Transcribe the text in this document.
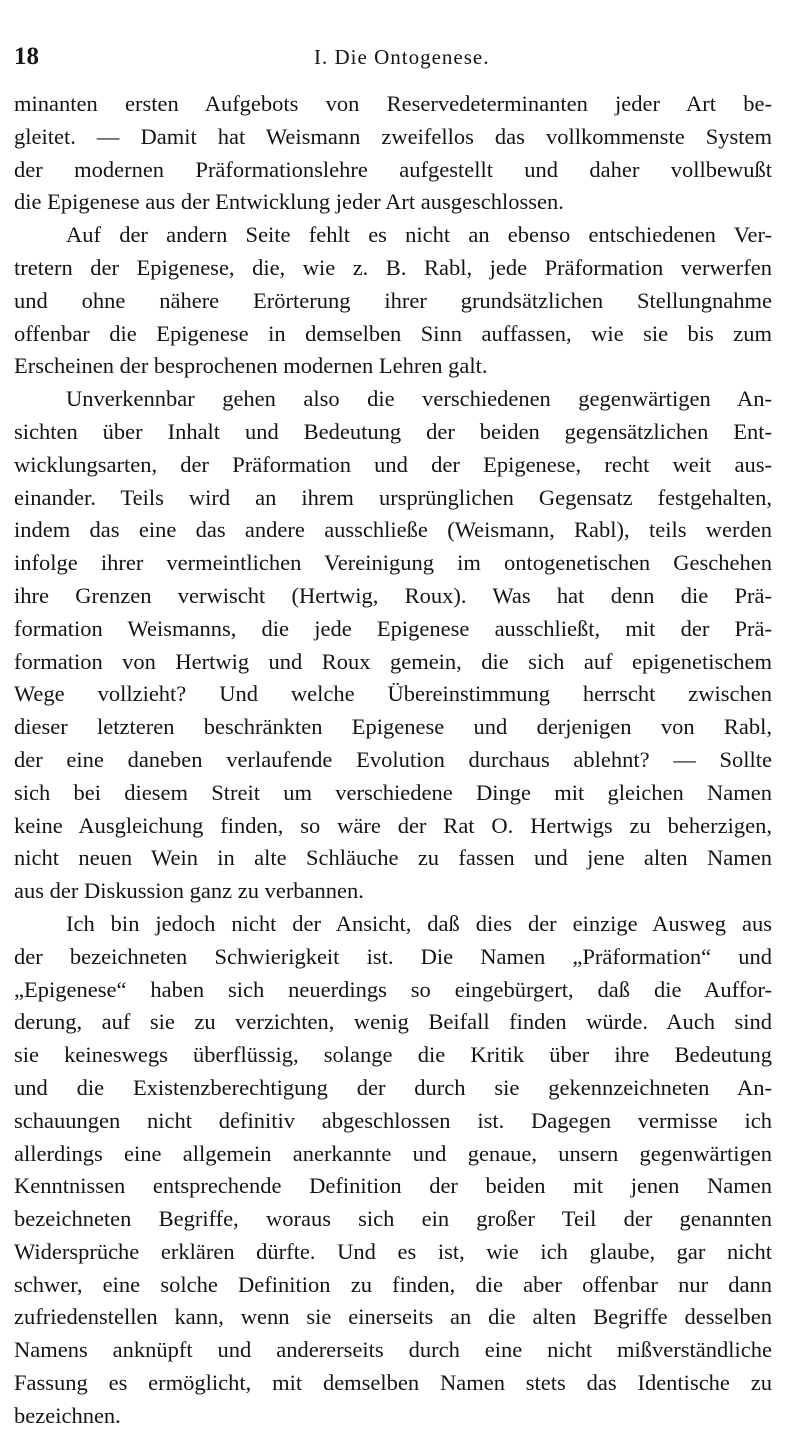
18	I. Die Ontogenese.
minanten ersten Aufgebots von Reservedeterminanten jeder Art be-
gleitet. — Damit hat Weismann zweifellos das vollkommenste System
der modernen Präformationslehre aufgestellt und daher vollbewußt
die Epigenese aus der Entwicklung jeder Art ausgeschlossen.
Auf der andern Seite fehlt es nicht an ebenso entschiedenen Ver-
tretern der Epigenese, die, wie z. B. Rabl, jede Präformation verwerfen
und ohne nähere Erörterung ihrer grundsätzlichen Stellungnahme
offenbar die Epigenese in demselben Sinn auffassen, wie sie bis zum
Erscheinen der besprochenen modernen Lehren galt.
Unverkennbar gehen also die verschiedenen gegenwärtigen An-
sichten über Inhalt und Bedeutung der beiden gegensätzlichen Ent-
wicklungsarten, der Präformation und der Epigenese, recht weit aus-
einander. Teils wird an ihrem ursprünglichen Gegensatz festgehalten,
indem das eine das andere ausschließe (Weismann, Rabl), teils werden
infolge ihrer vermeintlichen Vereinigung im ontogenetischen Geschehen
ihre Grenzen verwischt (Hertwig, Roux). Was hat denn die Prä-
formation Weismanns, die jede Epigenese ausschließt, mit der Prä-
formation von Hertwig und Roux gemein, die sich auf epigenetischem
Wege vollzieht? Und welche Übereinstimmung herrscht zwischen
dieser letzteren beschränkten Epigenese und derjenigen von Rabl,
der eine daneben verlaufende Evolution durchaus ablehnt? — Sollte
sich bei diesem Streit um verschiedene Dinge mit gleichen Namen
keine Ausgleichung finden, so wäre der Rat O. Hertwigs zu beherzigen,
nicht neuen Wein in alte Schläuche zu fassen und jene alten Namen
aus der Diskussion ganz zu verbannen.
Ich bin jedoch nicht der Ansicht, daß dies der einzige Ausweg aus
der bezeichneten Schwierigkeit ist. Die Namen „Präformation“ und
„Epigenese“ haben sich neuerdings so eingebürgert, daß die Auffor-
derung, auf sie zu verzichten, wenig Beifall finden würde. Auch sind
sie keineswegs überflüssig, solange die Kritik über ihre Bedeutung
und die Existenzberechtigung der durch sie gekennzeichneten An-
schauungen nicht definitiv abgeschlossen ist. Dagegen vermisse ich
allerdings eine allgemein anerkannte und genaue, unsern gegenwärtigen
Kenntnissen entsprechende Definition der beiden mit jenen Namen
bezeichneten Begriffe, woraus sich ein großer Teil der genannten
Widersprüche erklären dürfte. Und es ist, wie ich glaube, gar nicht
schwer, eine solche Definition zu finden, die aber offenbar nur dann
zufriedenstellen kann, wenn sie einerseits an die alten Begriffe desselben
Namens anknüpft und andererseits durch eine nicht mißverständliche
Fassung es ermöglicht, mit demselben Namen stets das Identische zu
bezeichnen.
